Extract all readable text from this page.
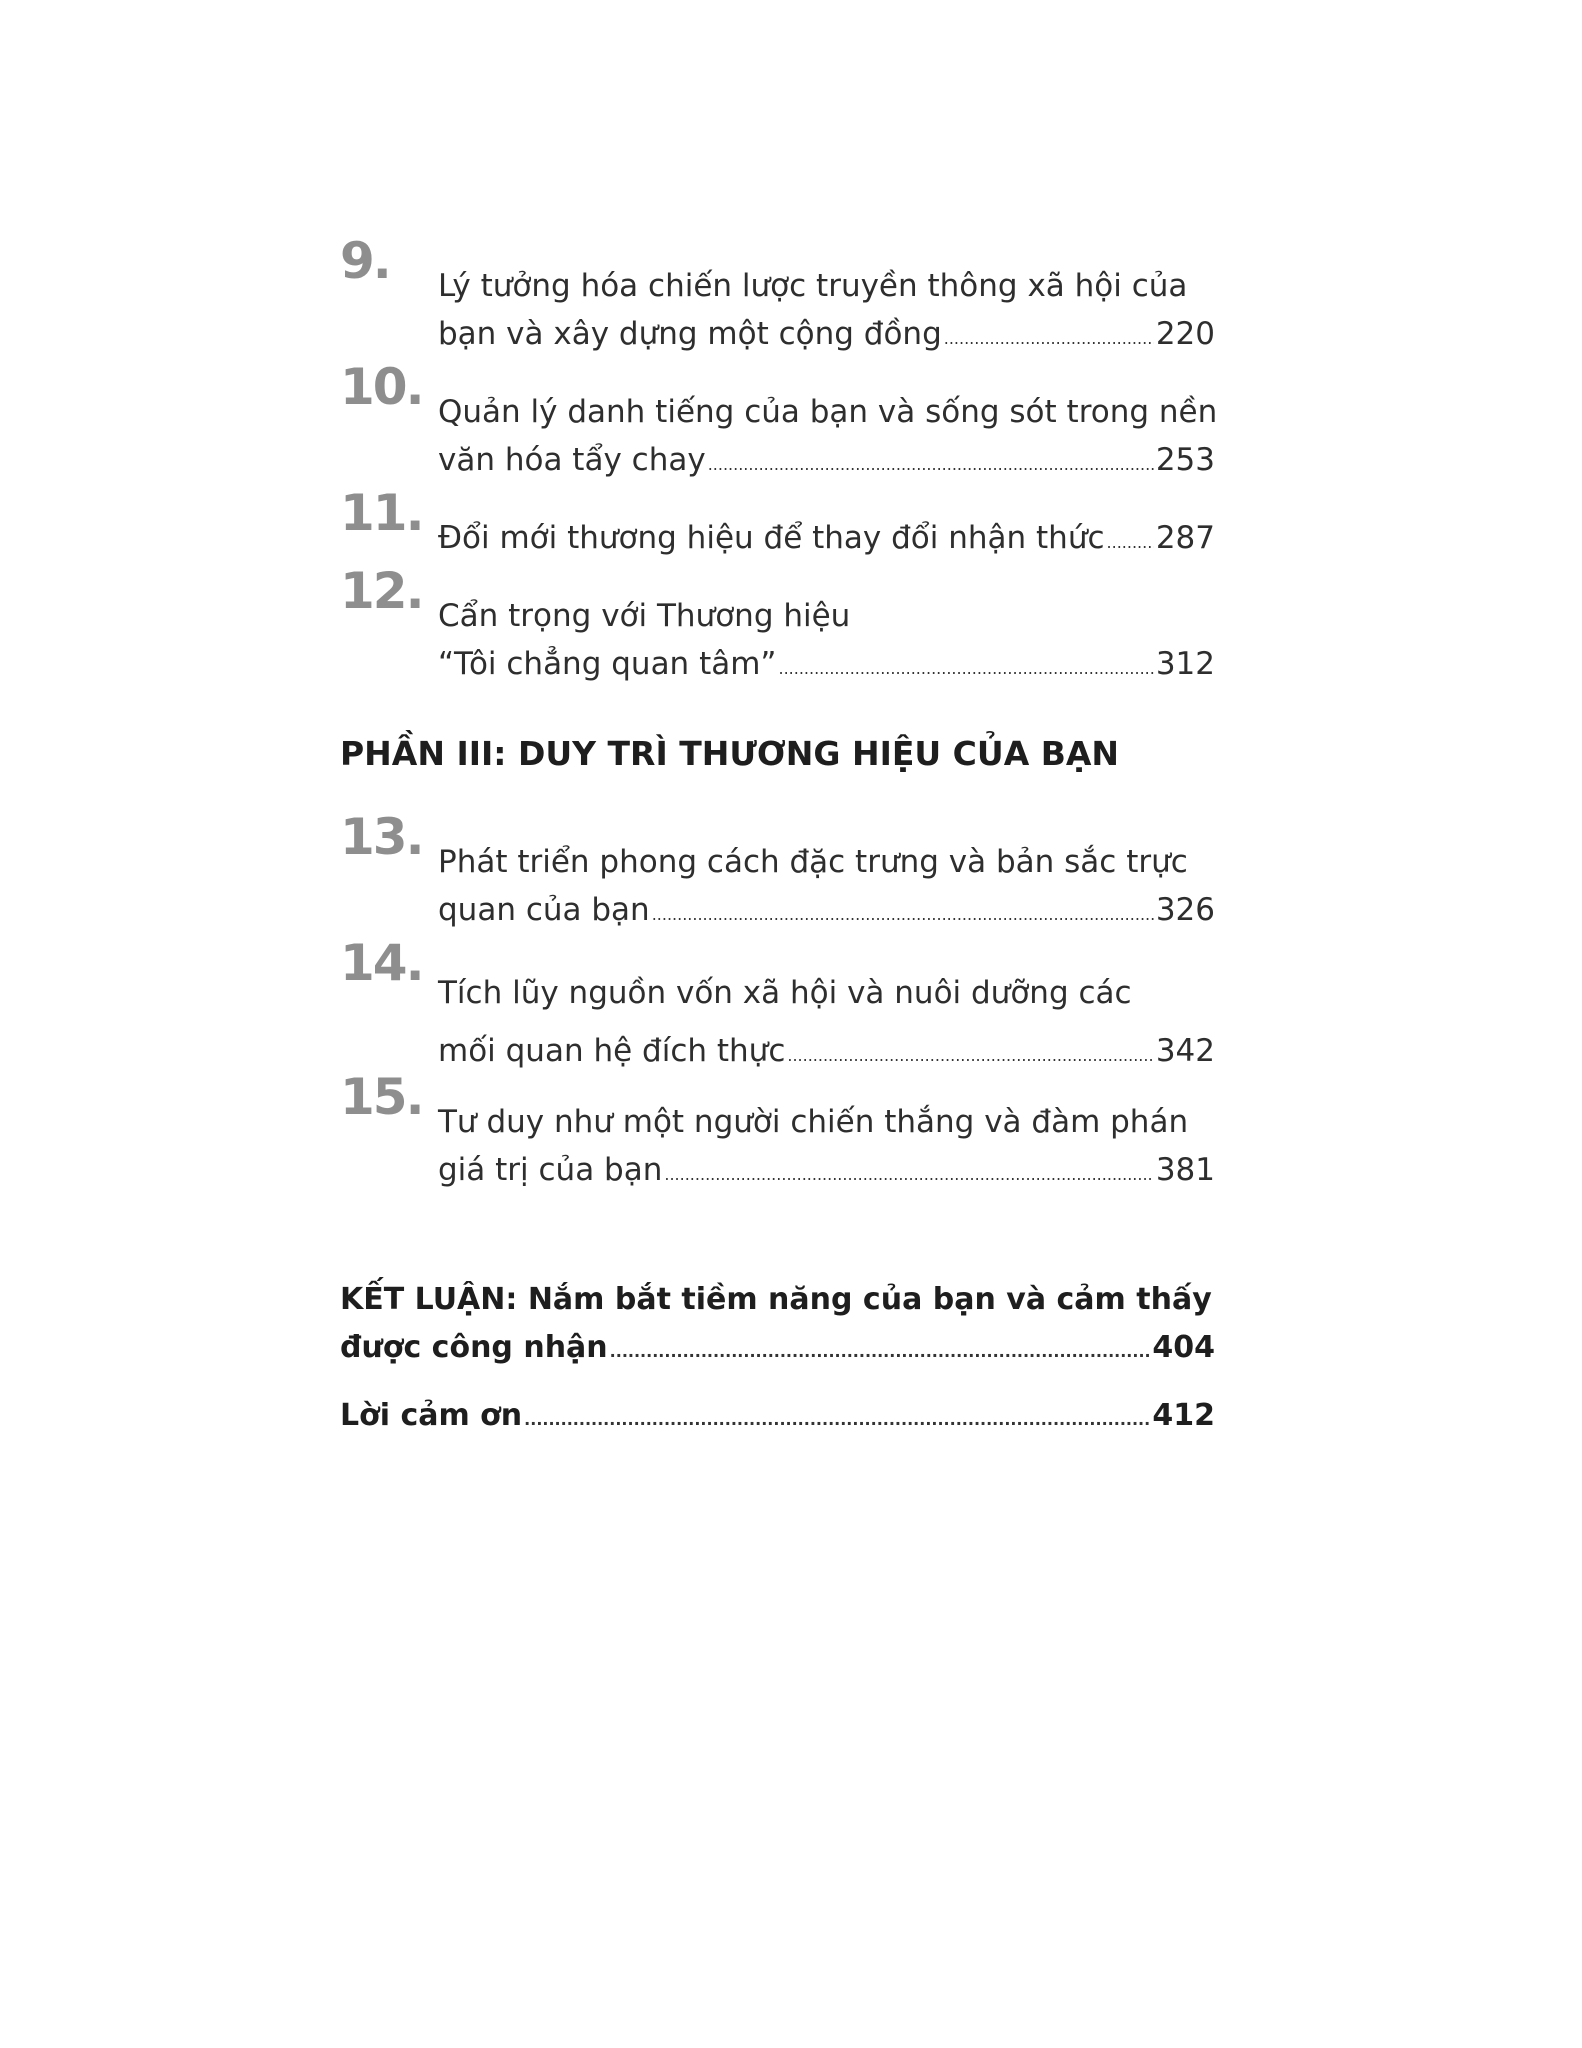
9. Lý tưởng hóa chiến lược truyền thông xã hội của
bạn và xây dựng một cộng đồng .....	220
10. Quản lý danh tiếng của bạn và sống sót trong nền
văn hóa tẩy chay .....	253
11. Đổi mới thương hiệu để thay đổi nhận thức ..... 287
12. Cẩn trọng với Thương hiệu
“Tôi chẳng quan tâm” .....	312
PHẦN III: DUY TRÌ THƯƠNG HIỆU CỦA BẠN
13. Phát triển phong cách đặc trưng và bản sắc trực
quan của bạn .....	326
14.
Tích lũy nguồn vốn xã hội và nuôi dưỡng các
mối quan hệ đích thực .....	342
15. Tư duy như một người chiến thắng và đàm phán
giá trị của bạn .....	381
KẾT LUẬN: Nắm bắt tiềm năng của bạn và cảm thấy
được công nhận .....	404
Lời cảm ơn .....	412
